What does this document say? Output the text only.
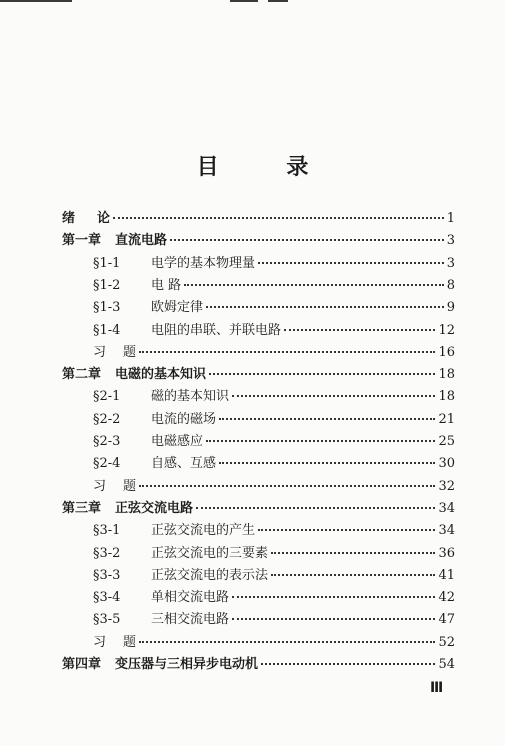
目 录
绪 论	1
第一章 直流电路	3
§1-1	电学的基本物理量	3
§1-2	电 路	8
§1-3	欧姆定律	9
§1-4	电阻的串联、并联电路	12
习	题	16
第二章 电磁的基本知识	18
§2-1	磁的基本知识	18
§2-2	电流的磁场	21
§2-3	电磁感应	25
§2-4	自感、互感	30
习	题	32
第三章 正弦交流电路	34
§3-1	正弦交流电的产生	34
§3-2	正弦交流电的三要素	36
§3-3	正弦交流电的表示法	41
§3-4	单相交流电路	42
§3-5	三相交流电路	47
习	题	52
第四章 变压器与三相异步电动机	54
Ⅲ
